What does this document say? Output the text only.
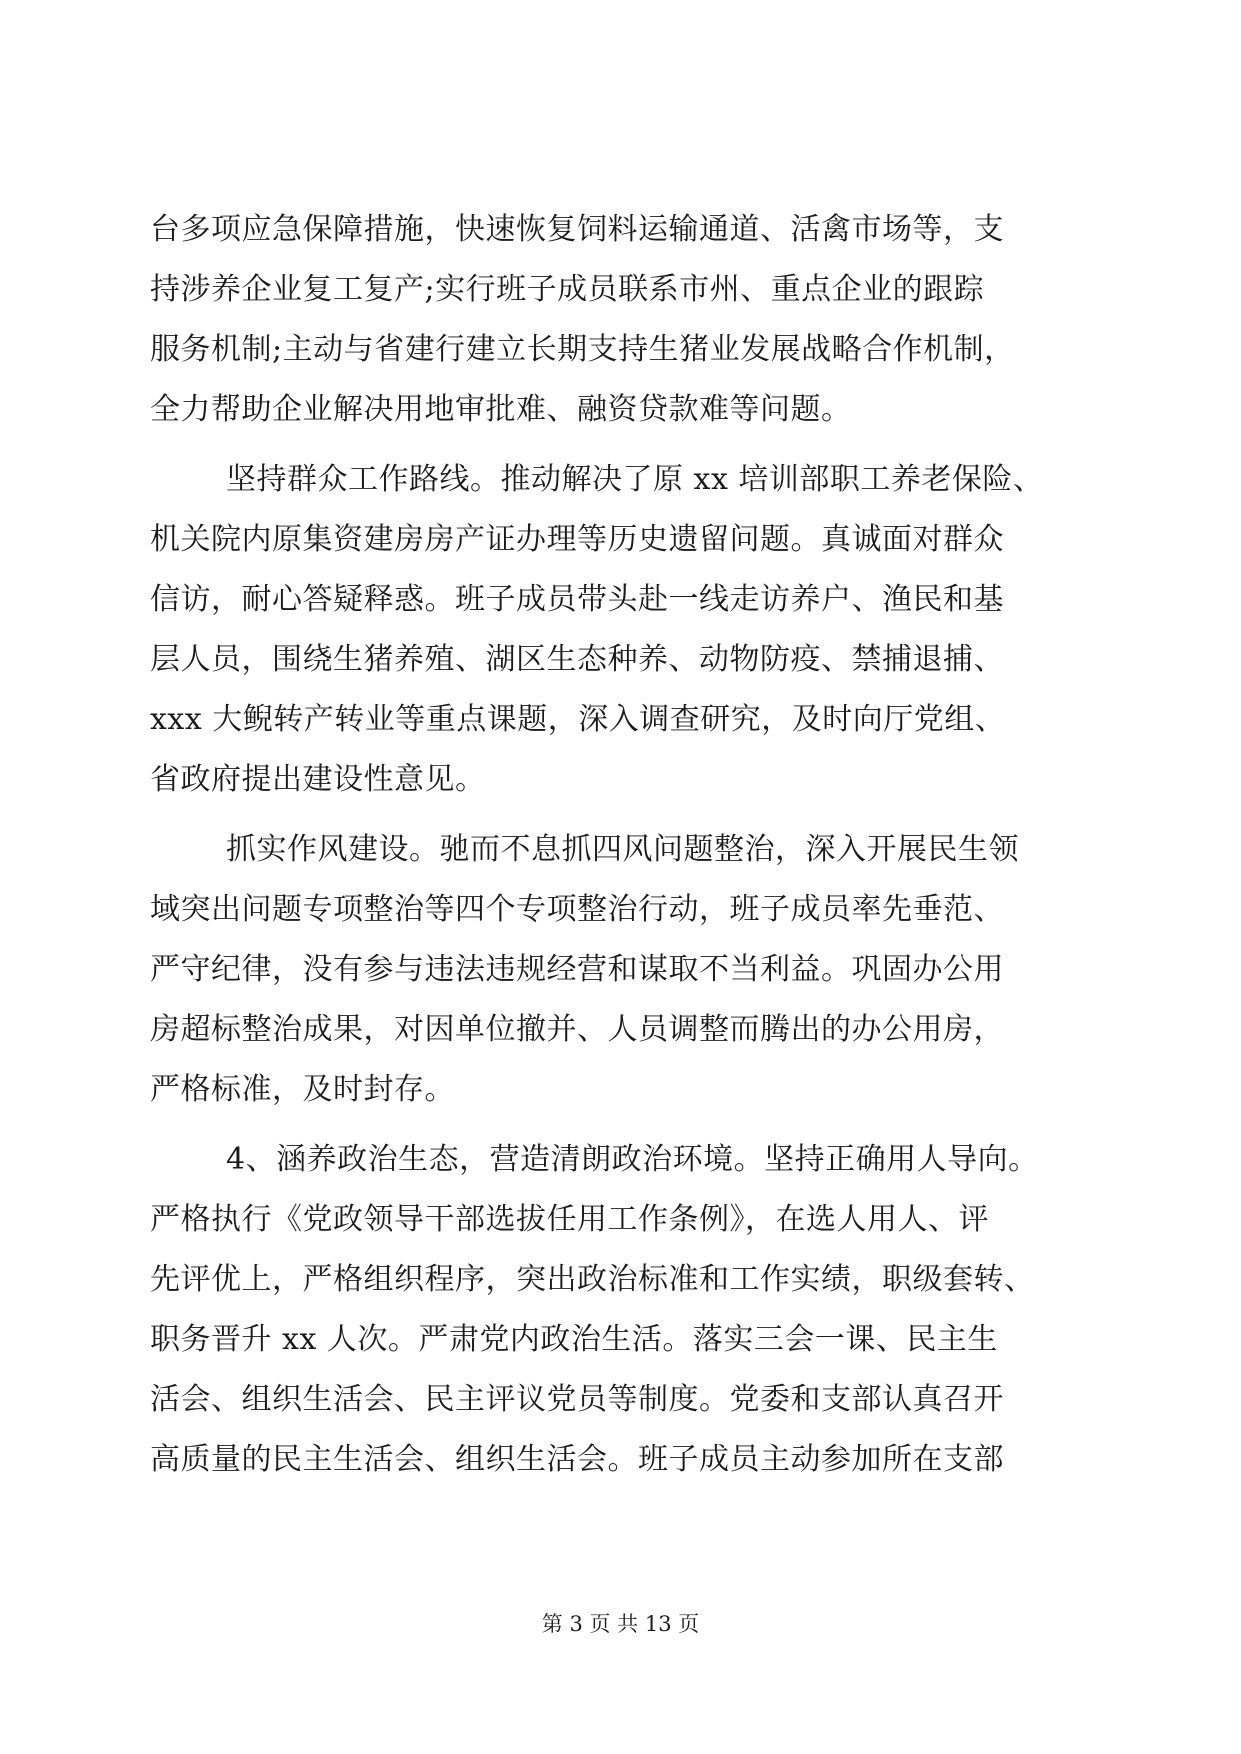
台多项应急保障措施，快速恢复饲料运输通道、活禽市场等，支
持涉养企业复工复产;实行班子成员联系市州、重点企业的跟踪
服务机制;主动与省建行建立长期支持生猪业发展战略合作机制，
全力帮助企业解决用地审批难、融资贷款难等问题。
坚持群众工作路线。推动解决了原 xx 培训部职工养老保险、
机关院内原集资建房房产证办理等历史遗留问题。真诚面对群众
信访，耐心答疑释惑。班子成员带头赴一线走访养户、渔民和基
层人员，围绕生猪养殖、湖区生态种养、动物防疫、禁捕退捕、
xxx 大鲵转产转业等重点课题，深入调查研究，及时向厅党组、
省政府提出建设性意见。
抓实作风建设。驰而不息抓四风问题整治，深入开展民生领
域突出问题专项整治等四个专项整治行动，班子成员率先垂范、
严守纪律，没有参与违法违规经营和谋取不当利益。巩固办公用
房超标整治成果，对因单位撤并、人员调整而腾出的办公用房，
严格标准，及时封存。
4、涵养政治生态，营造清朗政治环境。坚持正确用人导向。
严格执行《党政领导干部选拔任用工作条例》，在选人用人、评
先评优上，严格组织程序，突出政治标准和工作实绩，职级套转、
职务晋升 xx 人次。严肃党内政治生活。落实三会一课、民主生
活会、组织生活会、民主评议党员等制度。党委和支部认真召开
高质量的民主生活会、组织生活会。班子成员主动参加所在支部
第 3 页 共 13 页
